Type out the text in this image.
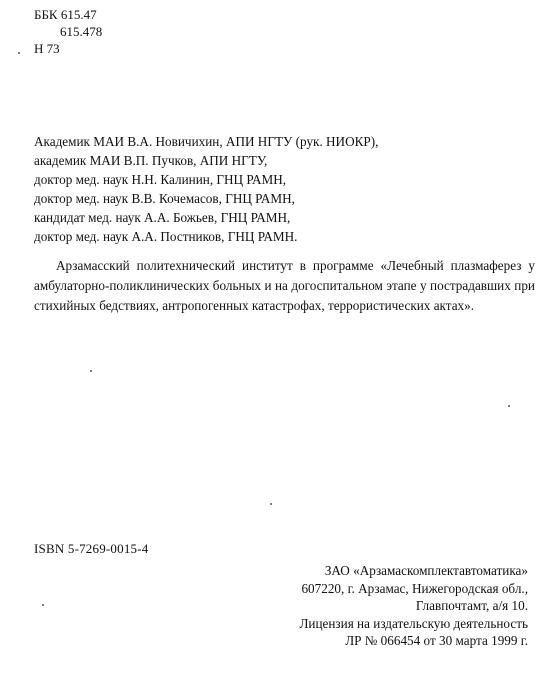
ББК 615.47
615.478
Н 73
Академик МАИ В.А. Новичихин, АПИ НГТУ (рук. НИОКР),
академик МАИ В.П. Пучков, АПИ НГТУ,
доктор мед. наук Н.Н. Калинин, ГНЦ РАМН,
доктор мед. наук В.В. Кочемасов, ГНЦ РАМН,
кандидат мед. наук А.А. Божьев, ГНЦ РАМН,
доктор мед. наук А.А. Постников, ГНЦ РАМН.
Арзамасский политехнический институт в программе «Лечебный плазмаферез у амбулаторно-поликлинических больных и на догоспитальном этапе у пострадавших при стихийных бедствиях, антропогенных катастрофах, террористических актах».
ISBN 5-7269-0015-4
ЗАО «Арзамаскомплектавтоматика»
607220, г. Арзамас, Нижегородская обл.,
Главпочтамт, а/я 10.
Лицензия на издательскую деятельность
ЛР № 066454 от 30 марта 1999 г.
